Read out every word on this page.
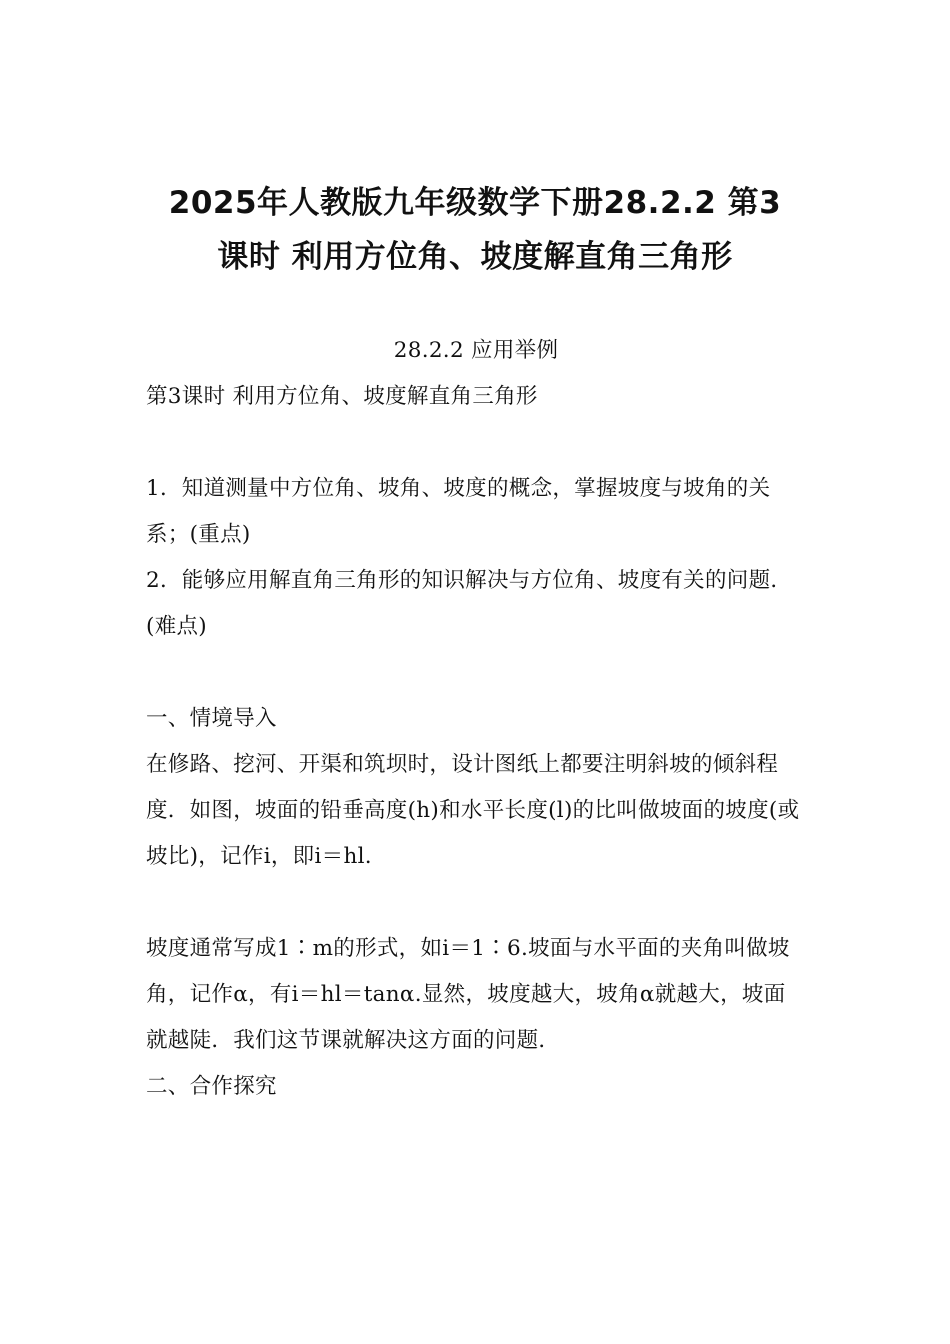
2025年人教版九年级数学下册28.2.2 第3
课时 利用方位角、坡度解直角三角形

28.2.2 应用举例

第3课时 利用方位角、坡度解直角三角形

1．知道测量中方位角、坡角、坡度的概念，掌握坡度与坡角的关系；(重点)

2．能够应用解直角三角形的知识解决与方位角、坡度有关的问题．(难点)

一、情境导入

在修路、挖河、开渠和筑坝时，设计图纸上都要注明斜坡的倾斜程度．如图，坡面的铅垂高度(h)和水平长度(l)的比叫做坡面的坡度(或坡比)，记作i，即i＝hl.

坡度通常写成1∶m的形式，如i＝1∶6.坡面与水平面的夹角叫做坡角，记作α，有i＝hl＝tanα.显然，坡度越大，坡角α就越大，坡面就越陡．我们这节课就解决这方面的问题．

二、合作探究
